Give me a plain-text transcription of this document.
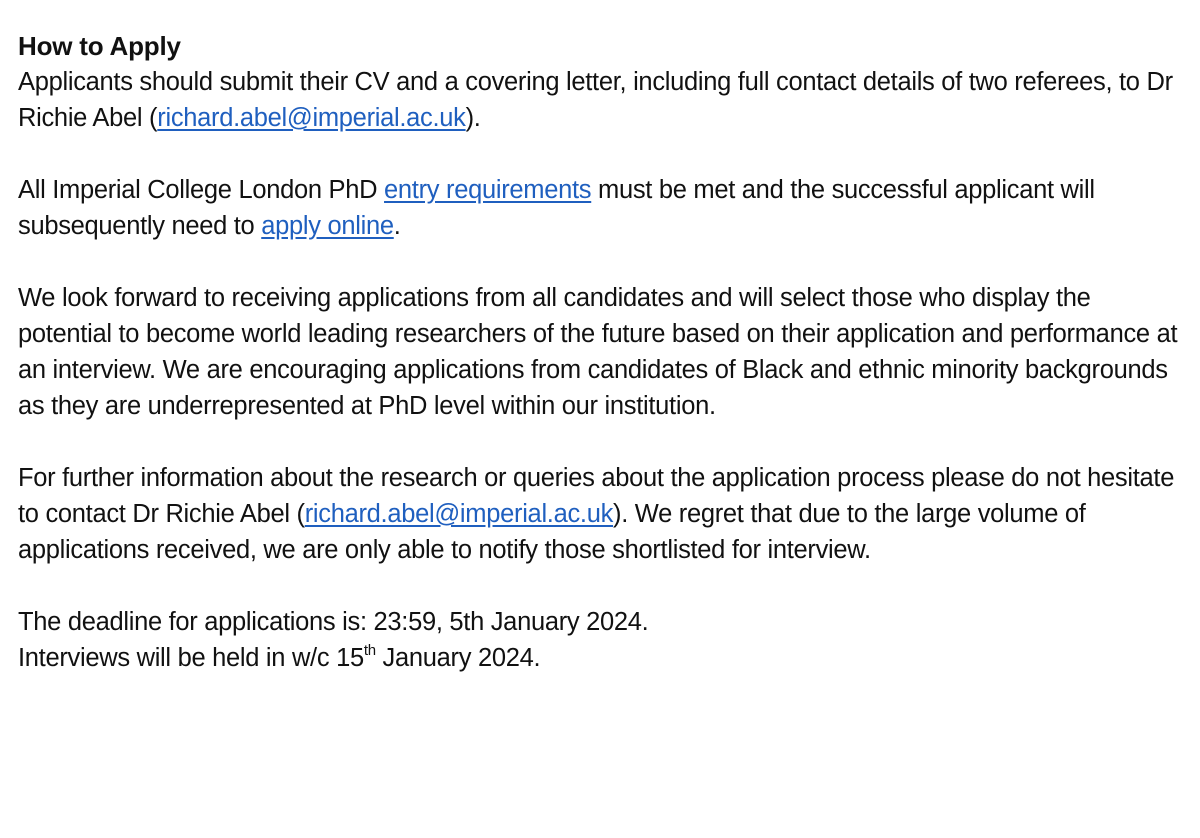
How to Apply

Applicants should submit their CV and a covering letter, including full contact details of two referees, to Dr Richie Abel (richard.abel@imperial.ac.uk).

All Imperial College London PhD entry requirements must be met and the successful applicant will subsequently need to apply online.

We look forward to receiving applications from all candidates and will select those who display the potential to become world leading researchers of the future based on their application and performance at an interview. We are encouraging applications from candidates of Black and ethnic minority backgrounds as they are underrepresented at PhD level within our institution.

For further information about the research or queries about the application process please do not hesitate to contact Dr Richie Abel (richard.abel@imperial.ac.uk). We regret that due to the large volume of applications received, we are only able to notify those shortlisted for interview.

The deadline for applications is: 23:59, 5th January 2024.

Interviews will be held in w/c 15th January 2024.
